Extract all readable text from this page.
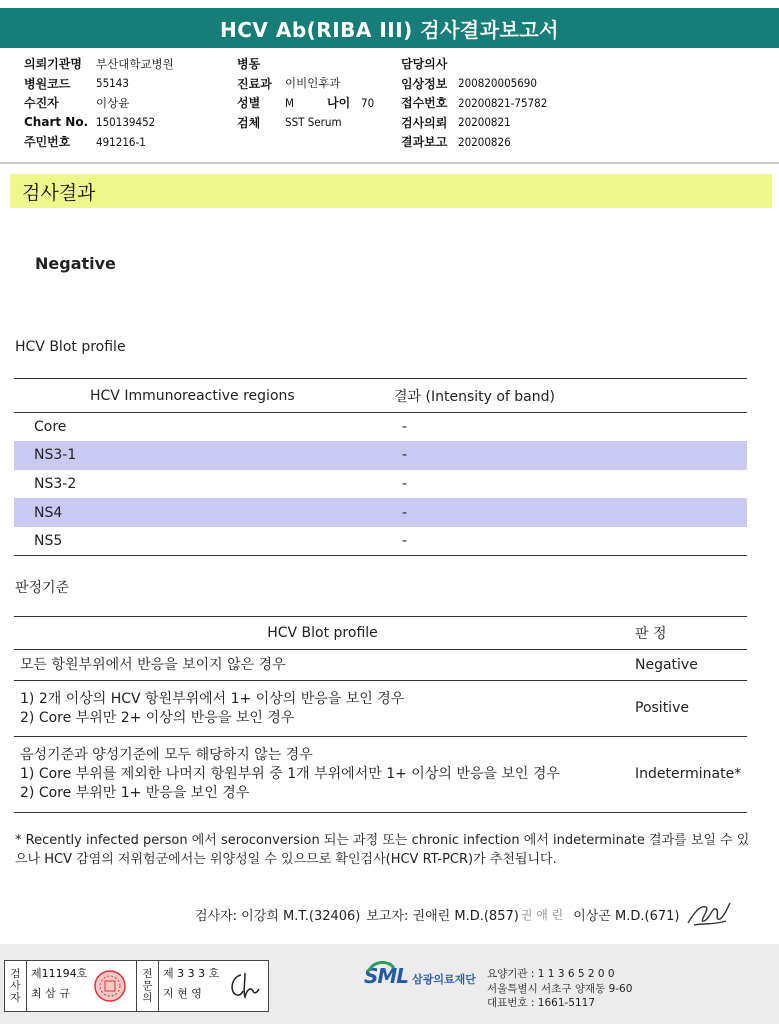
HCV Ab(RIBA III) 검사결과보고서
의뢰기관명	부산대학교병원
병원코드	55143
수진자	이상윤
Chart No. 150139452
주민번호	491216-1
병동
진료과	이비인후과
성별	M	나이 70
검체	SST Serum
담당의사
임상정보 200820005690
접수번호 20200821-75782
검사의뢰 20200821
결과보고 20200826
검사결과
Negative
HCV Blot profile
HCV Immunoreactive regions	결과 (Intensity of band)
Core	-
NS3-1	-
NS3-2	-
NS4	-
NS5	-
판정기준
HCV Blot profile	판 정

모든 항원부위에서 반응을 보이지 않은 경우	Negative

1) 2개 이상의 HCV 항원부위에서 1+ 이상의 반응을 보인 경우
2) Core 부위만 2+ 이상의 반응을 보인 경우	Positive

음성기준과 양성기준에 모두 해당하지 않는 경우
1) Core 부위를 제외한 나머지 항원부위 중 1개 부위에서만 1+ 이상의 반응을 보인 경우
2) Core 부위만 1+ 반응을 보인 경우	Indeterminate*
* Recently infected person 에서 seroconversion 되는 과정 또는 chronic infection 에서 indeterminate 결과를 보일 수 있으나 HCV 감염의 저위험군에서는 위양성일 수 있으므로 확인검사(HCV RT-PCR)가 추천됩니다.
검사자: 이강희 M.T.(32406) 보고자: 권애린 M.D.(857) 권 애 린 이상곤 M.D.(671)
검
사
자
제11194호
최 삼 규
전
문
의
제 3 3 3 호
지 현 영
SML 삼광의료재단 요양기관 : 1 1 3 6 5 2 0 0
서울특별시 서초구 양재동 9-60
대표번호 : 1661-5117
